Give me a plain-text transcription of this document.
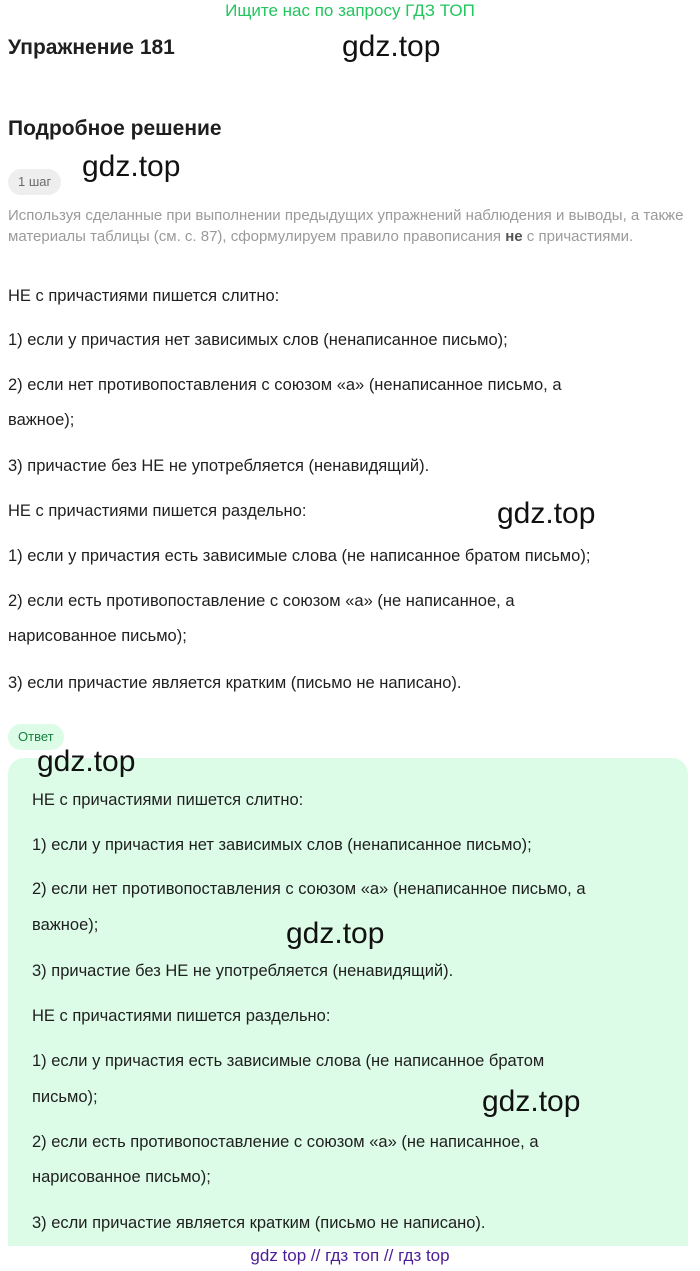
Ищите нас по запросу ГДЗ ТОП
Упражнение 181	gdz.top
Подробное решение
1 шаг	gdz.top
Используя сделанные при выполнении предыдущих упражнений наблюдения и выводы, а также материалы таблицы (см. с. 87), сформулируем правило правописания не с причастиями.
НЕ с причастиями пишется слитно:
1) если у причастия нет зависимых слов (ненаписанное письмо);
2) если нет противопоставления с союзом «а» (ненаписанное письмо, а
важное);
3) причастие без НЕ не употребляется (ненавидящий).
НЕ с причастиями пишется раздельно:	gdz.top
1) если у причастия есть зависимые слова (не написанное братом письмо);
2) если есть противопоставление с союзом «а» (не написанное, а
нарисованное письмо);
3) если причастие является кратким (письмо не написано).
Ответ
gdz.top
НЕ с причастиями пишется слитно:
1) если у причастия нет зависимых слов (ненаписанное письмо);
2) если нет противопоставления с союзом «а» (ненаписанное письмо, а
важное);	gdz.top
3) причастие без НЕ не употребляется (ненавидящий).
НЕ с причастиями пишется раздельно:
1) если у причастия есть зависимые слова (не написанное братом
письмо);	gdz.top
2) если есть противопоставление с союзом «а» (не написанное, а
нарисованное письмо);
3) если причастие является кратким (письмо не написано).
gdz top // гдз топ // гдз top
